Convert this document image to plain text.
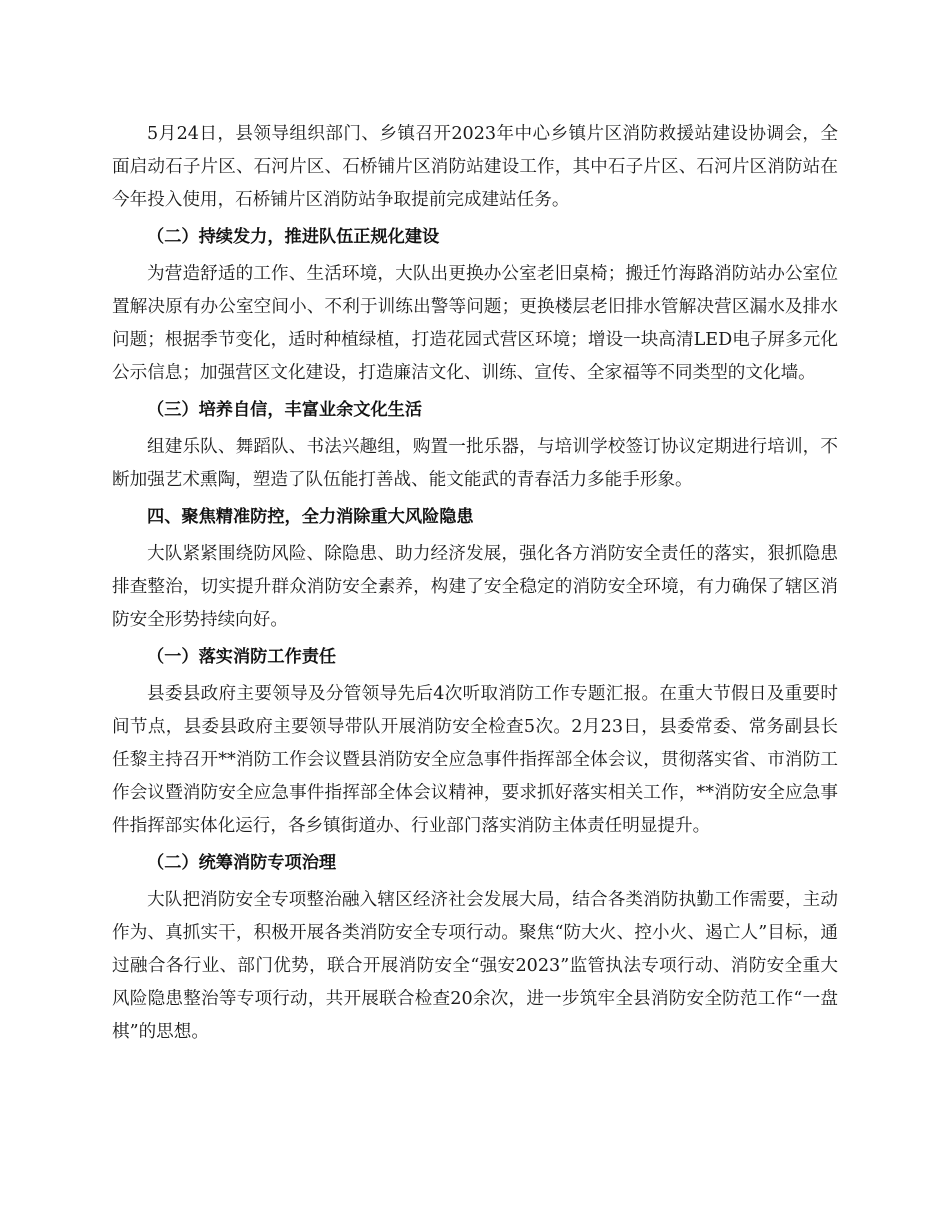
5月24日，县领导组织部门、乡镇召开2023年中心乡镇片区消防救援站建设协调会，全面启动石子片区、石河片区、石桥铺片区消防站建设工作，其中石子片区、石河片区消防站在今年投入使用，石桥铺片区消防站争取提前完成建站任务。

（二）持续发力，推进队伍正规化建设

为营造舒适的工作、生活环境，大队出更换办公室老旧桌椅；搬迁竹海路消防站办公室位置解决原有办公室空间小、不利于训练出警等问题；更换楼层老旧排水管解决营区漏水及排水问题；根据季节变化，适时种植绿植，打造花园式营区环境；增设一块高清LED电子屏多元化公示信息；加强营区文化建设，打造廉洁文化、训练、宣传、全家福等不同类型的文化墙。

（三）培养自信，丰富业余文化生活

组建乐队、舞蹈队、书法兴趣组，购置一批乐器，与培训学校签订协议定期进行培训，不断加强艺术熏陶，塑造了队伍能打善战、能文能武的青春活力多能手形象。

四、聚焦精准防控，全力消除重大风险隐患

大队紧紧围绕防风险、除隐患、助力经济发展，强化各方消防安全责任的落实，狠抓隐患排查整治，切实提升群众消防安全素养，构建了安全稳定的消防安全环境，有力确保了辖区消防安全形势持续向好。

（一）落实消防工作责任

县委县政府主要领导及分管领导先后4次听取消防工作专题汇报。在重大节假日及重要时间节点，县委县政府主要领导带队开展消防安全检查5次。2月23日，县委常委、常务副县长任黎主持召开**消防工作会议暨县消防安全应急事件指挥部全体会议，贯彻落实省、市消防工作会议暨消防安全应急事件指挥部全体会议精神，要求抓好落实相关工作，**消防安全应急事件指挥部实体化运行，各乡镇街道办、行业部门落实消防主体责任明显提升。

（二）统筹消防专项治理

大队把消防安全专项整治融入辖区经济社会发展大局，结合各类消防执勤工作需要，主动作为、真抓实干，积极开展各类消防安全专项行动。聚焦“防大火、控小火、遏亡人”目标，通过融合各行业、部门优势，联合开展消防安全“强安2023”监管执法专项行动、消防安全重大风险隐患整治等专项行动，共开展联合检查20余次，进一步筑牢全县消防安全防范工作“一盘棋”的思想。
